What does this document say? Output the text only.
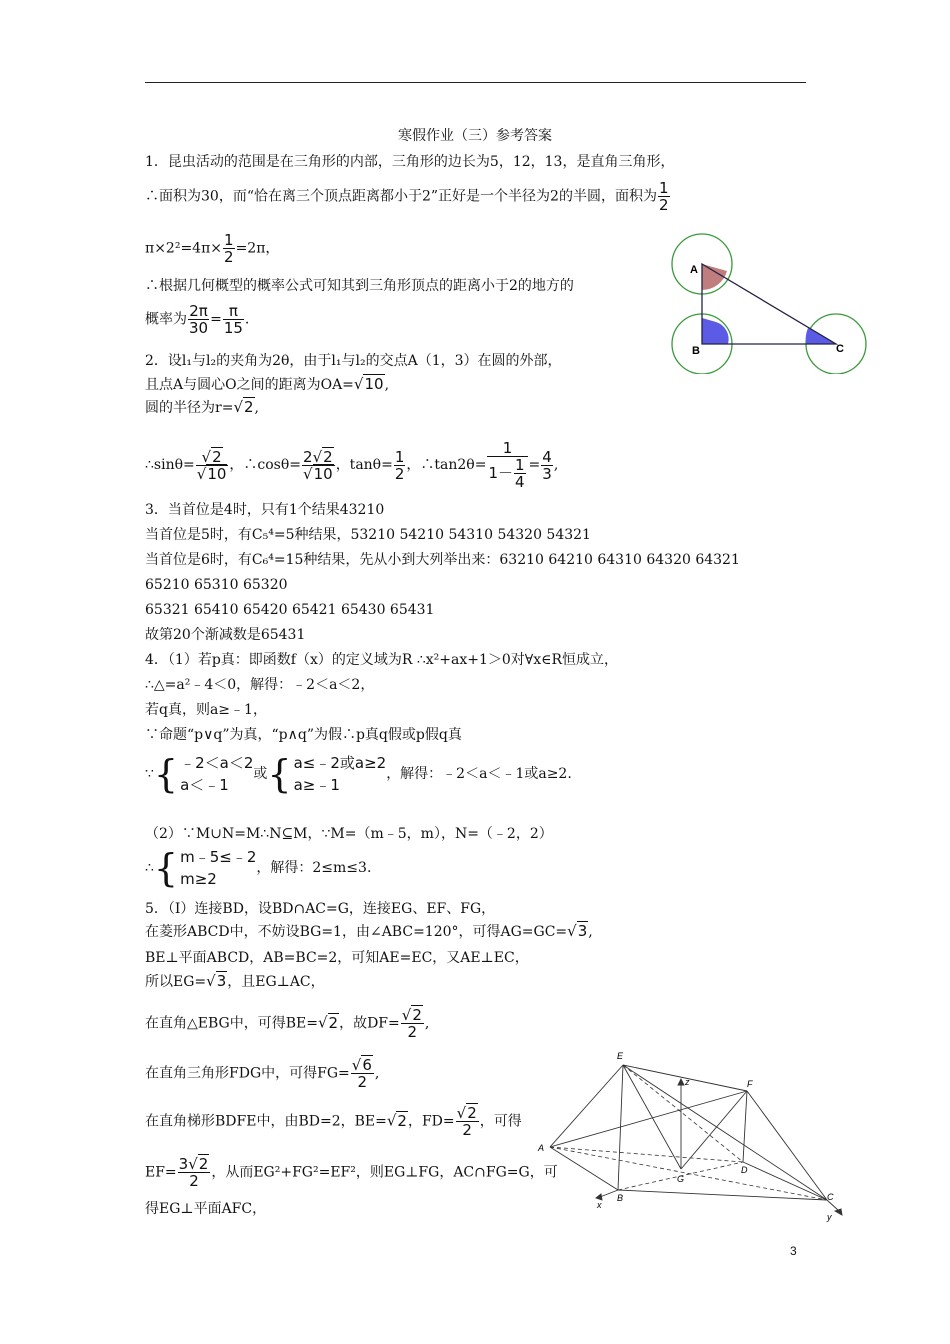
寒假作业（三）参考答案
1．昆虫活动的范围是在三角形的内部，三角形的边长为5，12，13，是直角三角形，
∴面积为30，而“恰在离三个顶点距离都小于2”正好是一个半径为2的半圆，面积为 $\frac{1}{2}$
$\pi\times 2^2=4\pi\times \frac{1}{2} =2\pi$，
∴根据几何概型的概率公式可知其到三角形顶点的距离小于2的地方的
概率为 $\frac{2\pi}{30} = \frac{\pi}{15}$ .
A
B	C
2．设l₁与l₂的夹角为2θ，由于l₁与l₂的交点A（1，3）在圆的外部，
且点A与圆心O之间的距离为OA=√10,
圆的半径为r=√2,
∴sinθ= $\frac{√2}{√10}$ ，∴cosθ= $\frac{2√2}{√10}$ ，$\tan\theta= \frac{1}{2}$ ，∴tan2θ= $\frac{1}{1- \frac{1}{4}} = \frac{4}{3}$ ,
3．当首位是4时，只有1个结果43210
当首位是5时，有C₅⁴=5种结果，53210 54210 54310 54320 54321
当首位是6时，有C₆⁴=15种结果，先从小到大列举出来：63210 64210 64310 64320 64321
65210 65310 65320
65321 65410 65420 65421 65430 65431
故第20个渐减数是65431
4．（1）若p真：即函数f（x）的定义域为R ∴x²+ax+1＞0对∀x∈R恒成立，
∴△=a²﹣4＜0，解得：﹣2＜a＜2，
若q真，则a≥﹣1，
∵命题“p∨q”为真，“p∧q”为假∴p真q假或p假q真
∵{ ﹣2＜a＜2
a＜﹣1
或{ a≤﹣2或a≥2
a≥﹣1
，解得：﹣2＜a＜﹣1或a≥2.
（2）∵M∪N=M∴N⊆M，∵M=（m﹣5，m），N=（﹣2，2）
∴{ m﹣5≤﹣2
m≥2
，解得：2≤m≤3.
5．（Ⅰ）连接BD，设BD∩AC=G，连接EG、EF、FG，
在菱形ABCD中，不妨设BG=1，由∠ABC=120°，可得AG=GC=√3,
BE⊥平面ABCD，AB=BC=2，可知AE=EC，又AE⊥EC，
所以EG=√3，且EG⊥AC，
在直角△EBG中，可得BE=√2，故$DF= \frac{√2}{2}$ ,
在直角三角形FDG中，可得$FG= \frac{√6}{2}$ ,
在直角梯形BDFE中，由BD=2，BE=√2，$FD= \frac{√2}{2}$ ，可得
$EF= \frac{3√2}{2}$ ，从而EG²+FG²=EF²，则EG⊥FG，AC∩FG=G，可
得EG⊥平面AFC，
E
F
z
A
D
G
B	C
x
y
3
